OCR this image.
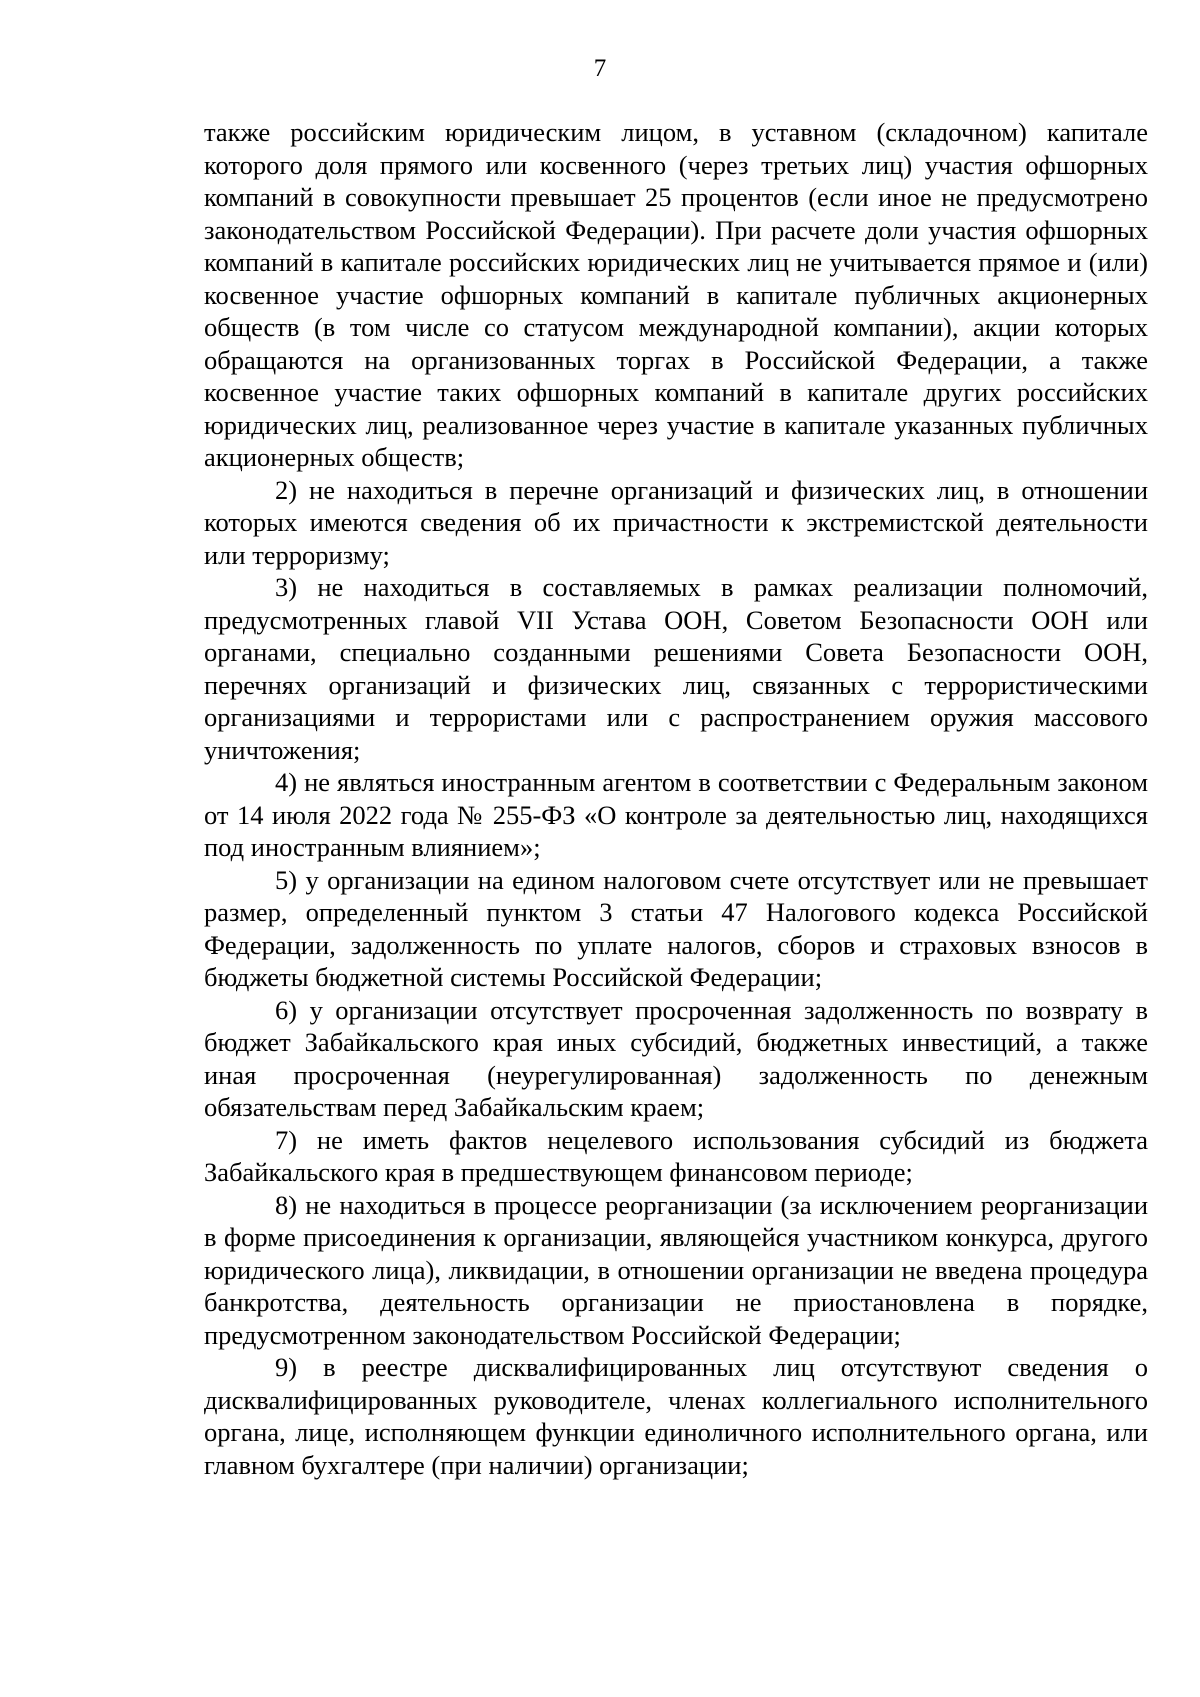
7

также российским юридическим лицом, в уставном (складочном) капитале которого доля прямого или косвенного (через третьих лиц) участия офшорных компаний в совокупности превышает 25 процентов (если иное не предусмотрено законодательством Российской Федерации). При расчете доли участия офшорных компаний в капитале российских юридических лиц не учитывается прямое и (или) косвенное участие офшорных компаний в капитале публичных акционерных обществ (в том числе со статусом международной компании), акции которых обращаются на организованных торгах в Российской Федерации, а также косвенное участие таких офшорных компаний в капитале других российских юридических лиц, реализованное через участие в капитале указанных публичных акционерных обществ;

2) не находиться в перечне организаций и физических лиц, в отношении которых имеются сведения об их причастности к экстремистской деятельности или терроризму;

3) не находиться в составляемых в рамках реализации полномочий, предусмотренных главой VII Устава ООН, Советом Безопасности ООН или органами, специально созданными решениями Совета Безопасности ООН, перечнях организаций и физических лиц, связанных с террористическими организациями и террористами или с распространением оружия массового уничтожения;

4) не являться иностранным агентом в соответствии с Федеральным законом от 14 июля 2022 года № 255-ФЗ «О контроле за деятельностью лиц, находящихся под иностранным влиянием»;

5) у организации на едином налоговом счете отсутствует или не превышает размер, определенный пунктом 3 статьи 47 Налогового кодекса Российской Федерации, задолженность по уплате налогов, сборов и страховых взносов в бюджеты бюджетной системы Российской Федерации;

6) у организации отсутствует просроченная задолженность по возврату в бюджет Забайкальского края иных субсидий, бюджетных инвестиций, а также иная просроченная (неурегулированная) задолженность по денежным обязательствам перед Забайкальским краем;

7) не иметь фактов нецелевого использования субсидий из бюджета Забайкальского края в предшествующем финансовом периоде;

8) не находиться в процессе реорганизации (за исключением реорганизации в форме присоединения к организации, являющейся участником конкурса, другого юридического лица), ликвидации, в отношении организации не введена процедура банкротства, деятельность организации не приостановлена в порядке, предусмотренном законодательством Российской Федерации;

9) в реестре дисквалифицированных лиц отсутствуют сведения о дисквалифицированных руководителе, членах коллегиального исполнительного органа, лице, исполняющем функции единоличного исполнительного органа, или главном бухгалтере (при наличии) организации;
